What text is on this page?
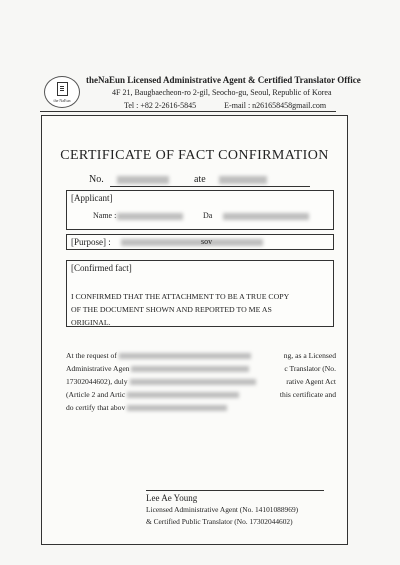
the NaEun
theNaEun Licensed Administrative Agent & Certified Translator Office
4F 21, Baugbaecheon-ro 2-gil, Seocho-gu, Seoul, Republic of Korea
Tel : +82 2-2616-5845	E-mail : n261658458gmail.com
CERTIFICATE OF FACT CONFIRMATION
No.	ate
[Applicant]
Name :	Da
[Purpose] :	sov
[Confirmed fact]
I CONFIRMED THAT THE ATTACHMENT TO BE A TRUE COPY
OF THE DOCUMENT SHOWN AND REPORTED TO ME AS
ORIGINAL.
At the request of	ng, as a Licensed
Administrative Agen	c Translator (No.
17302044602), duly	rative Agent Act
(Article 2 and Artic	this certificate and
do certify that abov
Lee Ae Young
Licensed Administrative Agent (No. 14101088969)
& Certified Public Translator (No. 17302044602)
